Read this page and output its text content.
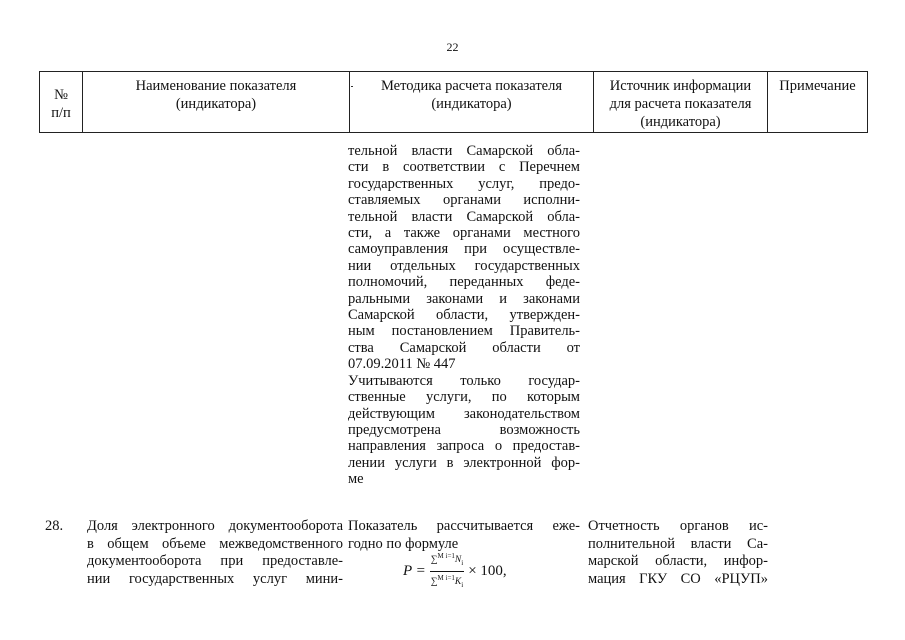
22
№
п/п
Наименование показателя
(индикатора)
Методика расчета показателя
(индикатора)
Источник информации
для расчета показателя
(индикатора)
Примечание
тельной власти Самарской обла-
сти в соответствии с Перечнем
государственных услуг, предо-
ставляемых органами исполни-
тельной власти Самарской обла-
сти, а также органами местного
самоуправления при осуществле-
нии отдельных государственных
полномочий, переданных феде-
ральными законами и законами
Самарской области, утвержден-
ным постановлением Правитель-
ства Самарской области от
07.09.2011 № 447
Учитываются только государ-
ственные услуги, по которым
действующим законодательством
предусмотрена возможность
направления запроса о предостав-
лении услуги в электронной фор-
ме
28. Доля электронного документооборота
в общем объеме межведомственного
документооборота при предоставле-
нии государственных услуг мини-
Показатель рассчитывается еже-
годно по формуле
$P = \frac{\sum^{M i=1}N_i}{\sum^{M i=1}K_i} \times 100$,
Отчетность органов ис-
полнительной власти Са-
марской области, инфор-
мация ГКУ СО «РЦУП»
